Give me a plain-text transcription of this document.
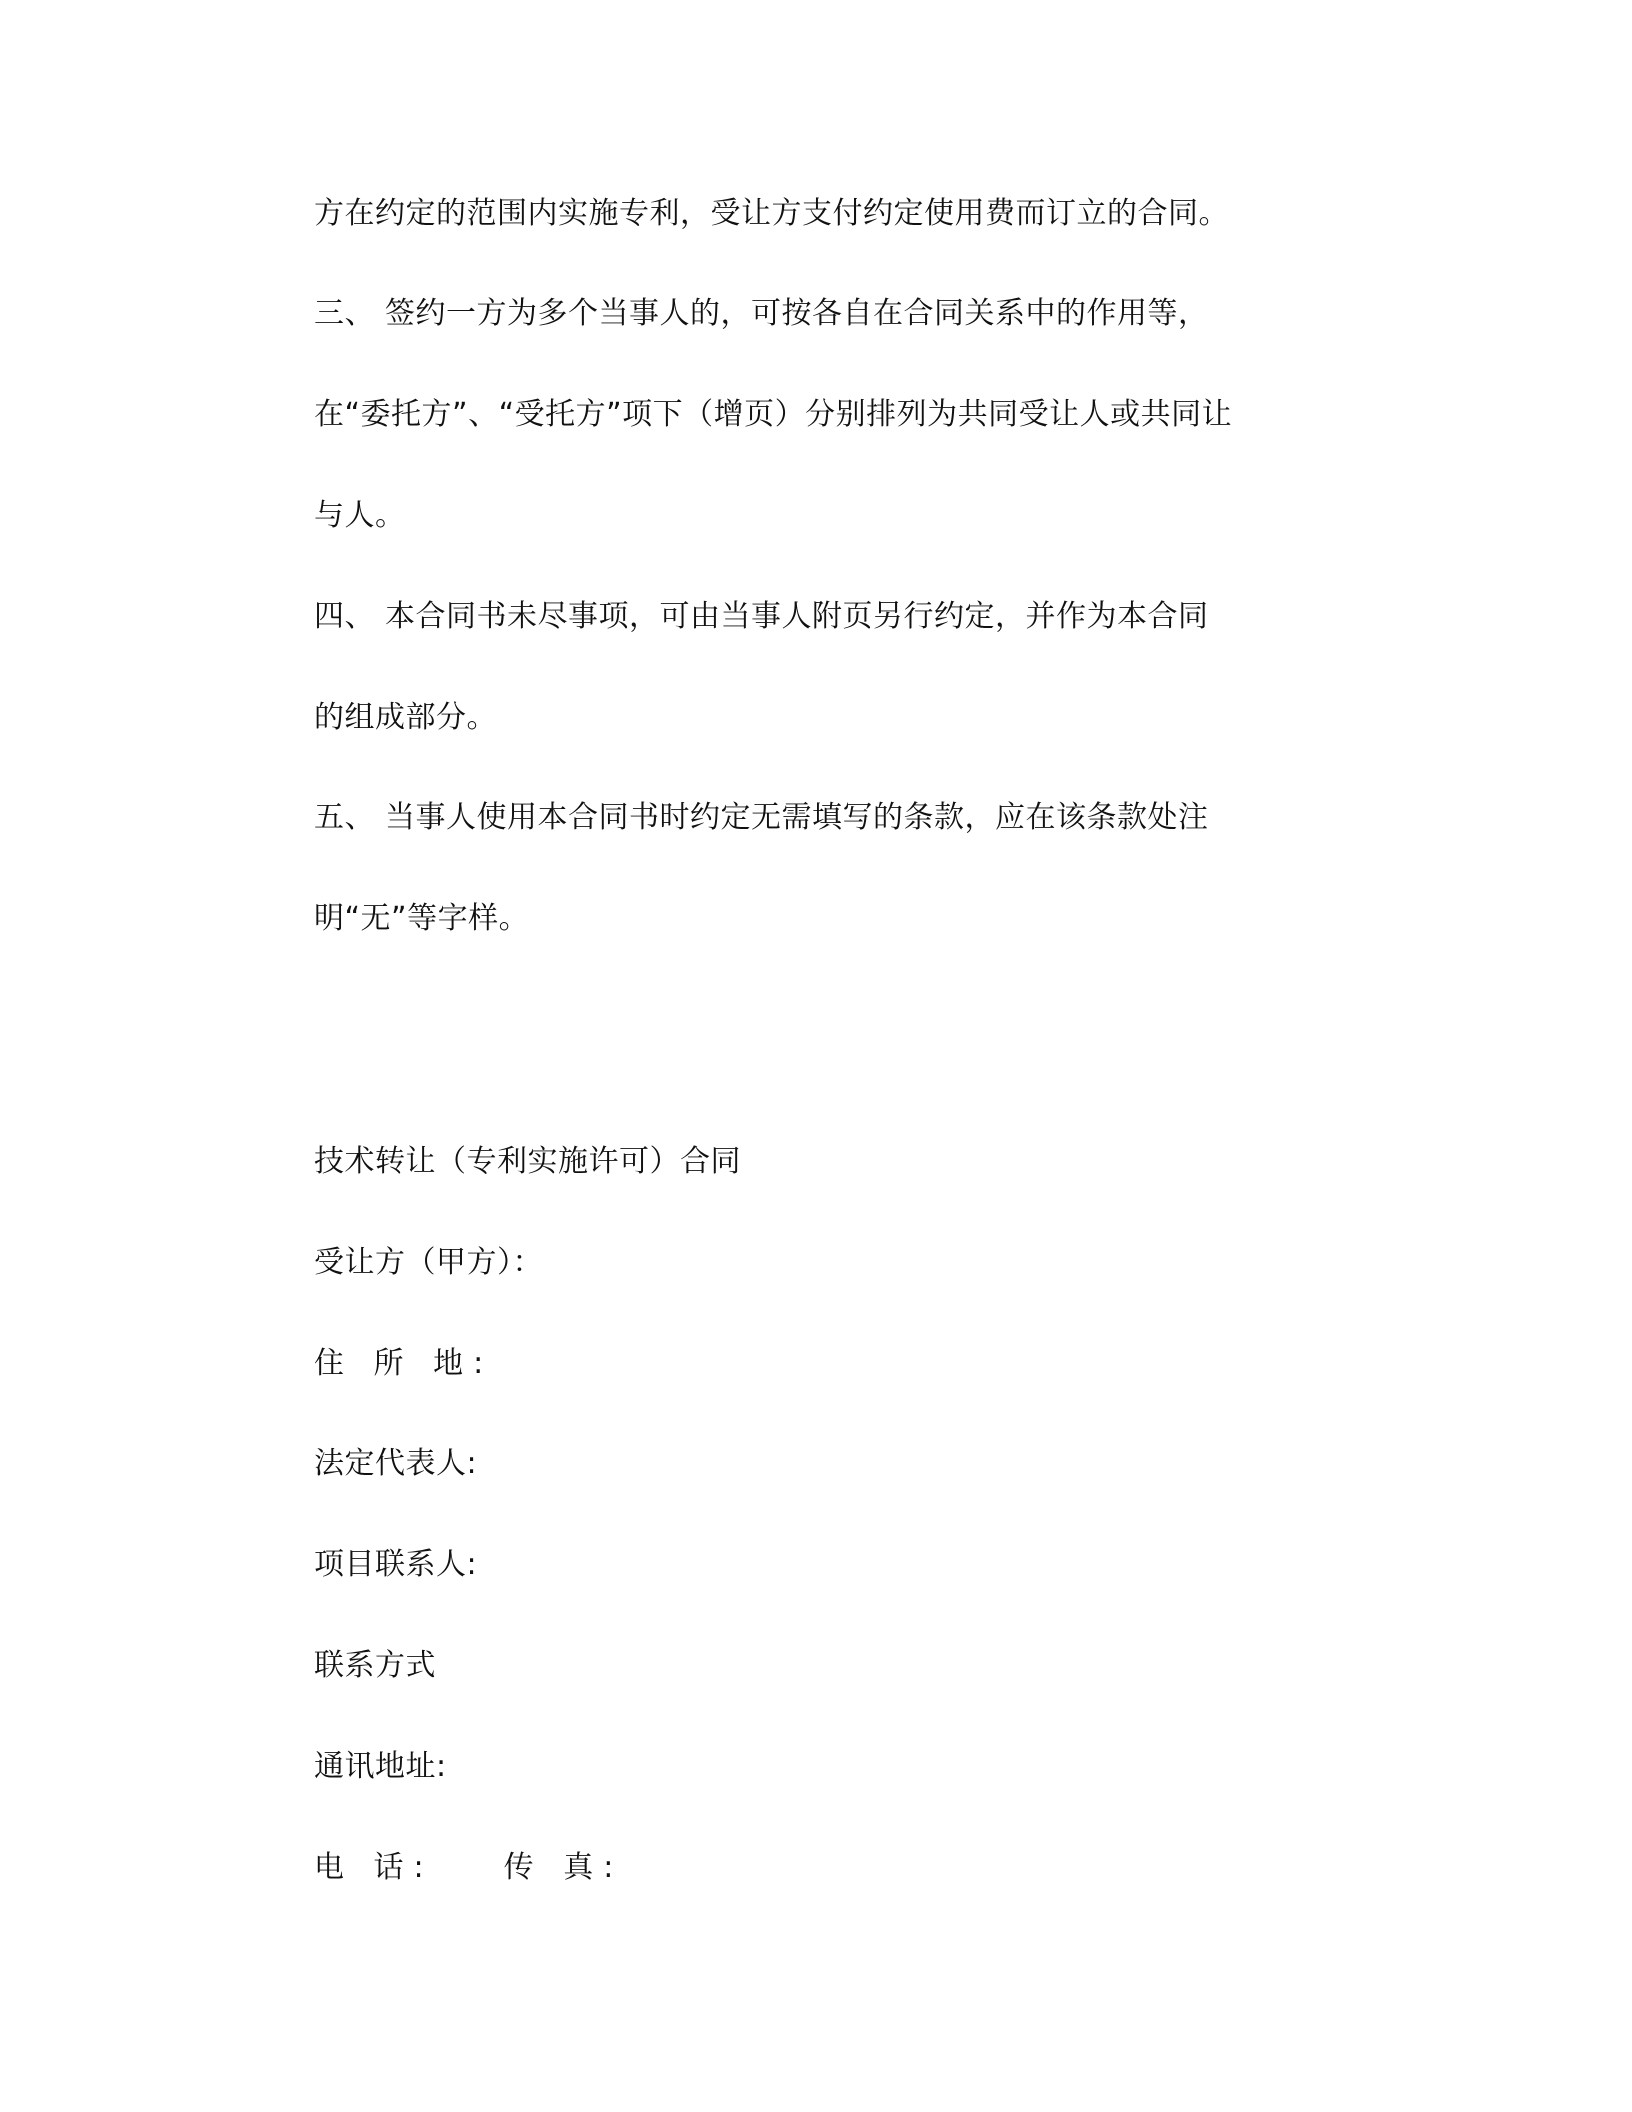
方在约定的范围内实施专利，受让方支付约定使用费而订立的合同。
三、 签约一方为多个当事人的，可按各自在合同关系中的作用等，
在“委托方”、“受托方”项下（增页）分别排列为共同受让人或共同让
与人。
四、 本合同书未尽事项，可由当事人附页另行约定，并作为本合同
的组成部分。
五、 当事人使用本合同书时约定无需填写的条款，应在该条款处注
明“无”等字样。
技术转让（专利实施许可）合同
受让方（甲方）：
住 所 地:
法定代表人:
项目联系人:
联系方式
通讯地址:
电 话: 传 真:
